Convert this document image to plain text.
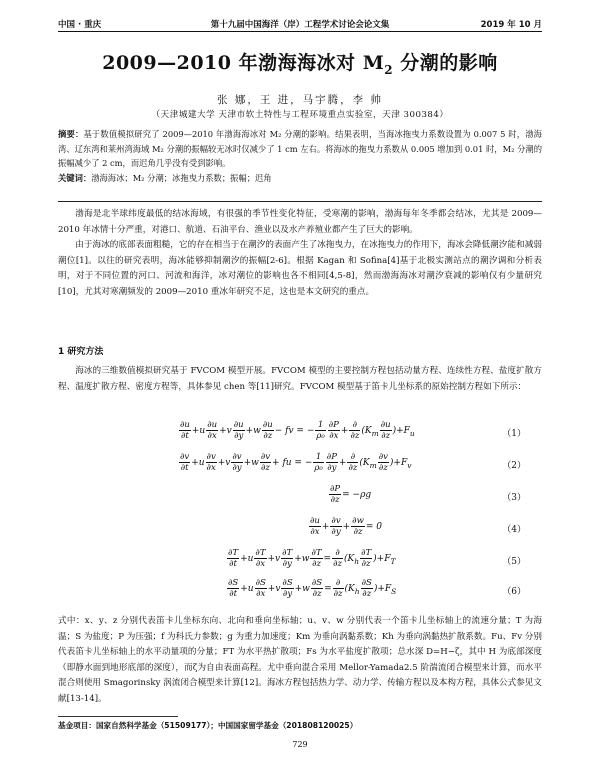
中国 · 重庆	第十九届中国海洋（岸）工程学术讨论会论文集	2019 年 10 月
2009—2010 年渤海海冰对 $M_2$ 分潮的影响
张 娜，王 进，马宇腾，李 帅
（天津城建大学 天津市软土特性与工程环境重点实验室，天津 300384）
摘要：基于数值模拟研究了 2009—2010 年渤海海冰对 M₂ 分潮的影响。结果表明，当海冰拖曳力系数设置为 0.007 5 时，渤海湾、辽东湾和莱州湾海域 M₂ 分潮的振幅较无冰时仅减少了 1 cm 左右。将海冰的拖曳力系数从 0.005 增加到 0.01 时，M₂ 分潮的振幅减少了 2 cm，而迟角几乎没有受到影响。
关键词：渤海海冰；M₂ 分潮；冰拖曳力系数；振幅；迟角

渤海是北半球纬度最低的结冰海域，有很强的季节性变化特征，受寒潮的影响，渤海每年冬季都会结冰，尤其是 2009—2010 年冰情十分严重，对港口、航道、石油平台、渔业以及水产养殖业都产生了巨大的影响。

由于海冰的底部表面粗糙，它的存在相当于在潮汐的表面产生了冰拖曳力，在冰拖曳力的作用下，海冰会降低潮汐能和减弱潮位[1]。以往的研究表明，海冰能够抑制潮汐的振幅[2-6]。根据 Kagan 和 Sofina[4]基于北极实测站点的潮汐调和分析表明，对于不同位置的河口、河流和海洋，冰对潮位的影响也各不相同[4,5-8]，然而渤海海冰对潮汐衰减的影响仅有少量研究[10]，尤其对寒潮频发的 2009—2010 重冰年研究不足，这也是本文研究的重点。

1 研究方法

海冰的三维数值模拟研究基于 FVCOM 模型开展。FVCOM 模型的主要控制方程包括动量方程、连续性方程、盐度扩散方程、温度扩散方程、密度方程等，具体参见 chen 等[11]研究。FVCOM 模型基于笛卡儿坐标系的原始控制方程如下所示：

$\frac{\partial u}{\partial t} +u \frac{\partial u}{\partial x} +v \frac{\partial u}{\partial y} +w \frac{\partial u}{\partial z}$ − fv = − $\frac{1}{\text{ρ₀}} \frac{\partial P}{\partial x} + \frac{\partial}{\partial z} (K_m \frac{\partial u}{\partial z} )+F_u$	（1）
$\frac{\partial v}{\partial t} +u \frac{\partial v}{\partial x} +v \frac{\partial v}{\partial y} +w \frac{\partial v}{\partial z}$ + fu = − $\frac{1}{\text{ρ₀}} \frac{\partial P}{\partial y} + \frac{\partial}{\partial z} (K_m \frac{\partial v}{\partial z} )+F_v$	（2）
$\frac{\partial P}{\partial z} = -\rho g$	（3）
$\frac{\partial u}{\partial x} + \frac{\partial v}{\partial y} + \frac{\partial w}{\partial z} = 0$	（4）
$\frac{\partial T}{\partial t} +u \frac{\partial T}{\partial x} +v \frac{\partial T}{\partial y} +w \frac{\partial T}{\partial z} = \frac{\partial}{\partial z} (K_h \frac{\partial T}{\partial z} )+F_T$	（5）
$\frac{\partial S}{\partial t} +u \frac{\partial S}{\partial x} +v \frac{\partial S}{\partial y} +w \frac{\partial S}{\partial z} = \frac{\partial}{\partial z} (K_h \frac{\partial S}{\partial z} )+F_S$	（6）

式中：x、y、z 分别代表笛卡儿坐标东向、北向和垂向坐标轴；u、v、w 分别代表一个笛卡儿坐标轴上的流速分量；T 为海温；S 为盐度；P 为压强；f 为科氏力参数；g 为重力加速度；Km 为垂向涡黏系数；Kh 为垂向涡黏热扩散系数。Fu、Fv 分别代表笛卡儿坐标轴上的水平动量项的分量；FT 为水平热扩散项；Fs 为水平盐度扩散项；总水深 D=H−ζ，其中 H 为底部深度（即静水面到地形底部的深度），而ζ为自由表面高程。尤中垂向混合采用 Mellor-Yamada2.5 阶湍流闭合模型来计算，而水平混合则使用 Smagorinsky 涡流闭合模型来计算[12]。海冰方程包括热力学、动力学、传输方程以及本构方程，具体公式参见文献[13-14]。

基金项目：国家自然科学基金（51509177）；中国国家留学基金（201808120025）
729
